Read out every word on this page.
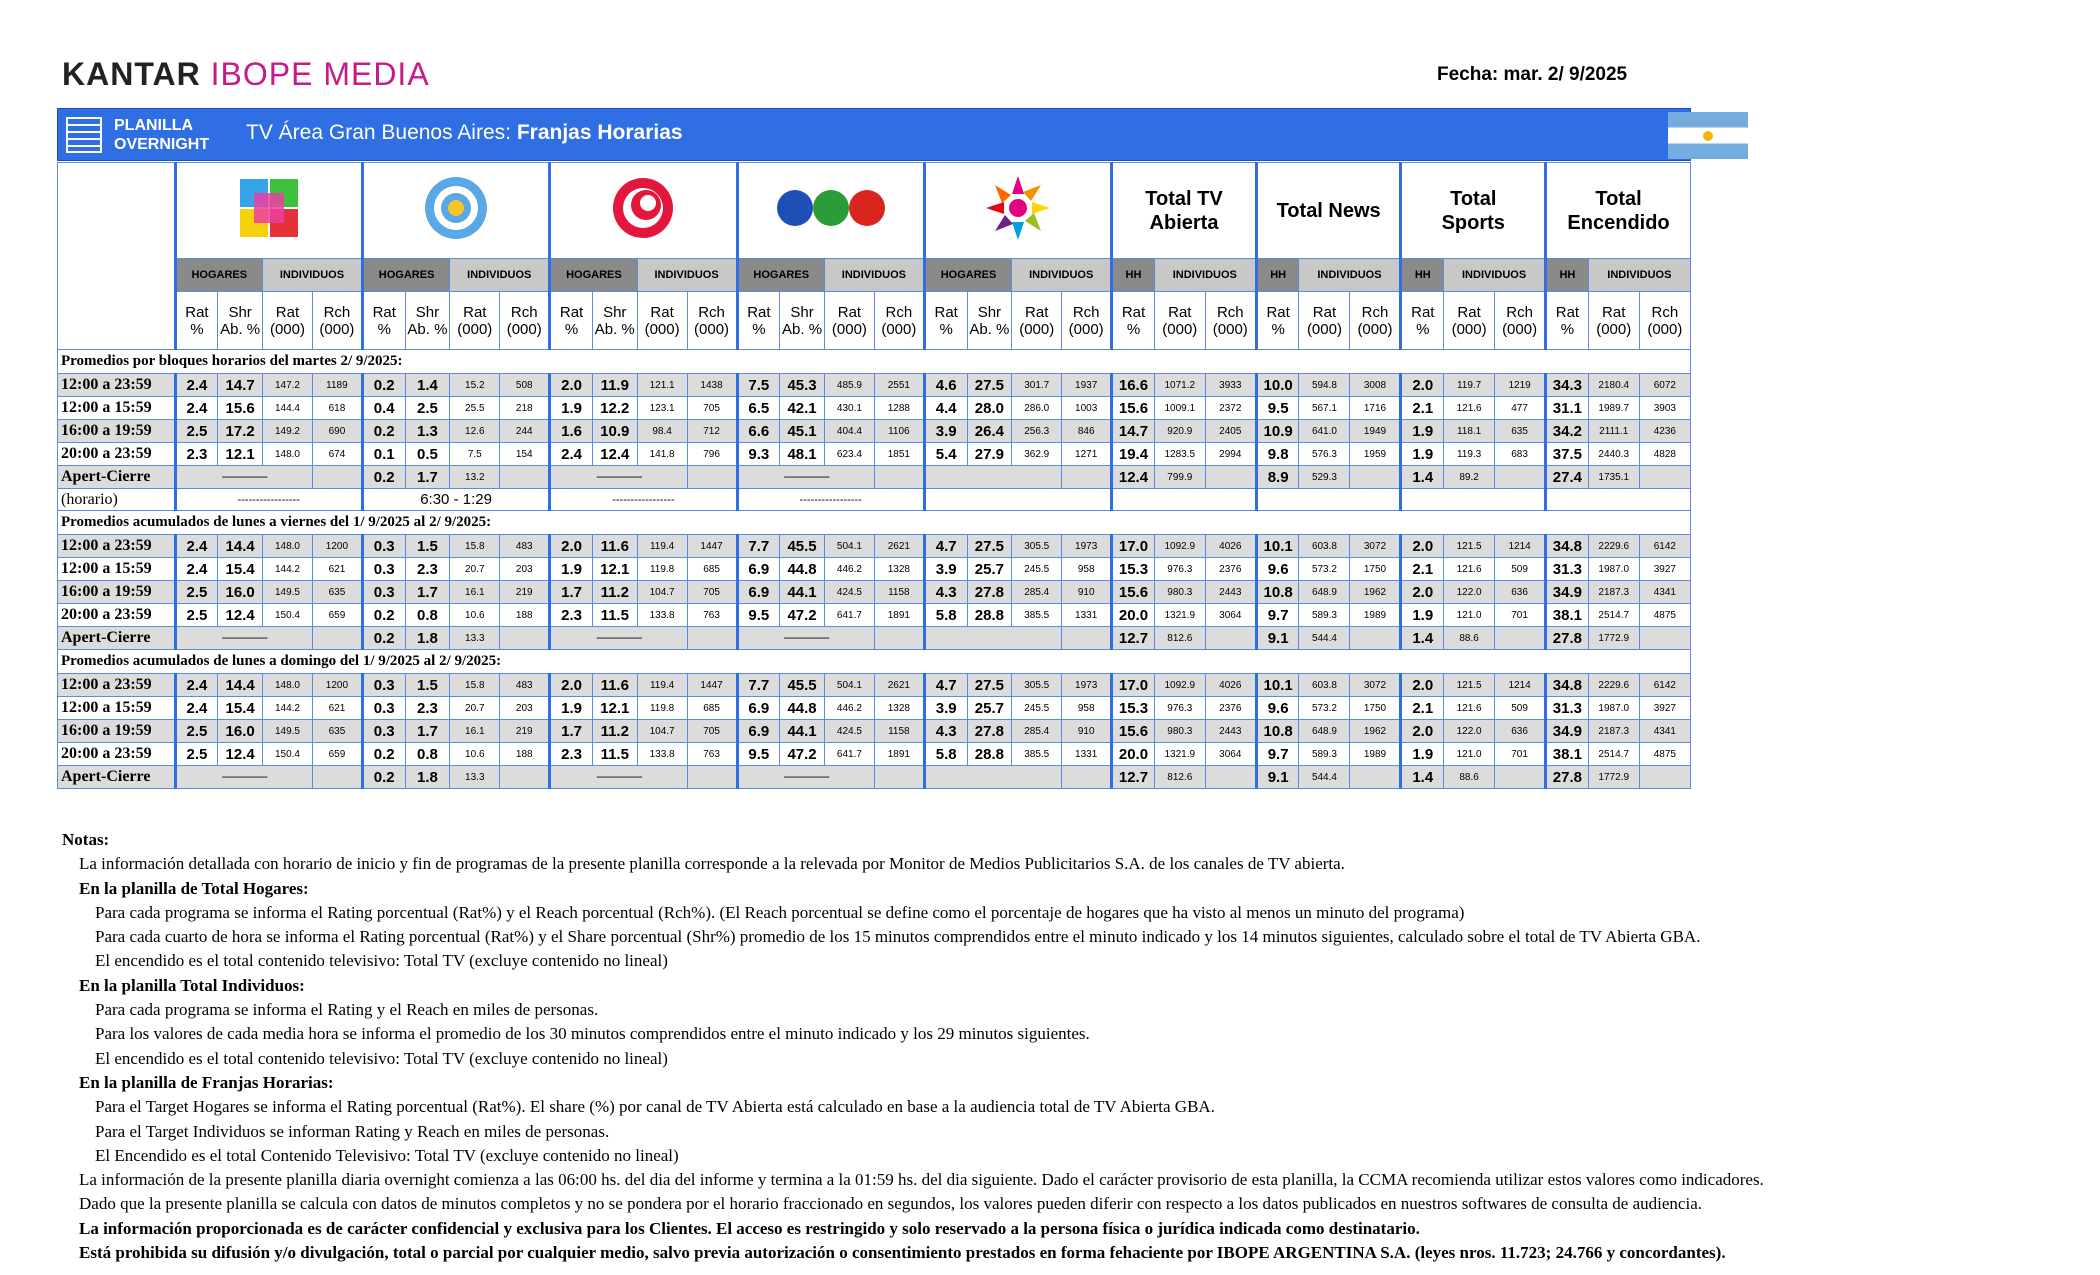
KANTAR IBOPE MEDIA	Fecha: mar. 2/ 9/2025
PLANILLA
OVERNIGHT
TV Área Gran Buenos Aires: Franjas Horarias
						Total TV Abierta			Total News			Total Sports			Total Encendido		
	HOGARES		INDIVIDUOS		HOGARES		INDIVIDUOS		HOGARES		INDIVIDUOS		HOGARES		INDIVIDUOS		HOGARES		INDIVIDUOS		HH	INDIVIDUOS		HH	INDIVIDUOS		HH	INDIVIDUOS		HH	INDIVIDUOS	
	Rat %	Shr Ab. %	Rat (000)	Rch (000)	Rat %	Shr Ab. %	Rat (000)	Rch (000)	Rat %	Shr Ab. %	Rat (000)	Rch (000)	Rat %	Shr Ab. %	Rat (000)	Rch (000)	Rat %	Shr Ab. %	Rat (000)	Rch (000)	Rat %	Rat (000)	Rch (000)	Rat %	Rat (000)	Rch (000)	Rat %	Rat (000)	Rch (000)	Rat %	Rat (000)	Rch (000)
Promedios por bloques horarios del martes 2/ 9/2025:																																
12:00 a 23:59	2.4	14.7	147.2	1189	0.2	1.4	15.2	508	2.0	11.9	121.1	1438	7.5	45.3	485.9	2551	4.6	27.5	301.7	1937	16.6	1071.2	3933	10.0	594.8	3008	2.0	119.7	1219	34.3	2180.4	6072
12:00 a 15:59	2.4	15.6	144.4	618	0.4	2.5	25.5	218	1.9	12.2	123.1	705	6.5	42.1	430.1	1288	4.4	28.0	286.0	1003	15.6	1009.1	2372	9.5	567.1	1716	2.1	121.6	477	31.1	1989.7	3903
16:00 a 19:59	2.5	17.2	149.2	690	0.2	1.3	12.6	244	1.6	10.9	98.4	712	6.6	45.1	404.4	1106	3.9	26.4	256.3	846	14.7	920.9	2405	10.9	641.0	1949	1.9	118.1	635	34.2	2111.1	4236
20:00 a 23:59	2.3	12.1	148.0	674	0.1	0.5	7.5	154	2.4	12.4	141.8	796	9.3	48.1	623.4	1851	5.4	27.9	362.9	1271	19.4	1283.5	2994	9.8	576.3	1959	1.9	119.3	683	37.5	2440.3	4828
Apert-Cierre	-----------------				0.2	1.7	13.2		-----------------				-----------------								12.4	799.9		8.9	529.3		1.4	89.2		27.4	1735.1	
(horario)	-----------------				6:30 - 1:29				-----------------				-----------------																			
Promedios acumulados de lunes a viernes del 1/ 9/2025 al 2/ 9/2025:																																
12:00 a 23:59	2.4	14.4	148.0	1200	0.3	1.5	15.8	483	2.0	11.6	119.4	1447	7.7	45.5	504.1	2621	4.7	27.5	305.5	1973	17.0	1092.9	4026	10.1	603.8	3072	2.0	121.5	1214	34.8	2229.6	6142
12:00 a 15:59	2.4	15.4	144.2	621	0.3	2.3	20.7	203	1.9	12.1	119.8	685	6.9	44.8	446.2	1328	3.9	25.7	245.5	958	15.3	976.3	2376	9.6	573.2	1750	2.1	121.6	509	31.3	1987.0	3927
16:00 a 19:59	2.5	16.0	149.5	635	0.3	1.7	16.1	219	1.7	11.2	104.7	705	6.9	44.1	424.5	1158	4.3	27.8	285.4	910	15.6	980.3	2443	10.8	648.9	1962	2.0	122.0	636	34.9	2187.3	4341
20:00 a 23:59	2.5	12.4	150.4	659	0.2	0.8	10.6	188	2.3	11.5	133.8	763	9.5	47.2	641.7	1891	5.8	28.8	385.5	1331	20.0	1321.9	3064	9.7	589.3	1989	1.9	121.0	701	38.1	2514.7	4875
Apert-Cierre	-----------------				0.2	1.8	13.3		-----------------				-----------------								12.7	812.6		9.1	544.4		1.4	88.6		27.8	1772.9	
Promedios acumulados de lunes a domingo del 1/ 9/2025 al 2/ 9/2025:																																
12:00 a 23:59	2.4	14.4	148.0	1200	0.3	1.5	15.8	483	2.0	11.6	119.4	1447	7.7	45.5	504.1	2621	4.7	27.5	305.5	1973	17.0	1092.9	4026	10.1	603.8	3072	2.0	121.5	1214	34.8	2229.6	6142
12:00 a 15:59	2.4	15.4	144.2	621	0.3	2.3	20.7	203	1.9	12.1	119.8	685	6.9	44.8	446.2	1328	3.9	25.7	245.5	958	15.3	976.3	2376	9.6	573.2	1750	2.1	121.6	509	31.3	1987.0	3927
16:00 a 19:59	2.5	16.0	149.5	635	0.3	1.7	16.1	219	1.7	11.2	104.7	705	6.9	44.1	424.5	1158	4.3	27.8	285.4	910	15.6	980.3	2443	10.8	648.9	1962	2.0	122.0	636	34.9	2187.3	4341
20:00 a 23:59	2.5	12.4	150.4	659	0.2	0.8	10.6	188	2.3	11.5	133.8	763	9.5	47.2	641.7	1891	5.8	28.8	385.5	1331	20.0	1321.9	3064	9.7	589.3	1989	1.9	121.0	701	38.1	2514.7	4875
Apert-Cierre	-----------------				0.2	1.8	13.3		-----------------				-----------------								12.7	812.6		9.1	544.4		1.4	88.6		27.8	1772.9	
Notas:
La información detallada con horario de inicio y fin de programas de la presente planilla corresponde a la relevada por Monitor de Medios Publicitarios S.A. de los canales de TV abierta.
En la planilla de Total Hogares:
Para cada programa se informa el Rating porcentual (Rat%) y el Reach porcentual (Rch%). (El Reach porcentual se define como el porcentaje de hogares que ha visto al menos un minuto del programa)
Para cada cuarto de hora se informa el Rating porcentual (Rat%) y el Share porcentual (Shr%) promedio de los 15 minutos comprendidos entre el minuto indicado y los 14 minutos siguientes, calculado sobre el total de TV Abierta GBA.
El encendido es el total contenido televisivo: Total TV (excluye contenido no lineal)
En la planilla Total Individuos:
Para cada programa se informa el Rating y el Reach en miles de personas.
Para los valores de cada media hora se informa el promedio de los 30 minutos comprendidos entre el minuto indicado y los 29 minutos siguientes.
El encendido es el total contenido televisivo: Total TV (excluye contenido no lineal)
En la planilla de Franjas Horarias:
Para el Target Hogares se informa el Rating porcentual (Rat%). El share (%) por canal de TV Abierta está calculado en base a la audiencia total de TV Abierta GBA.
Para el Target Individuos se informan Rating y Reach en miles de personas.
El Encendido es el total Contenido Televisivo: Total TV (excluye contenido no lineal)
La información de la presente planilla diaria overnight comienza a las 06:00 hs. del dia del informe y termina a la 01:59 hs. del dia siguiente. Dado el carácter provisorio de esta planilla, la CCMA recomienda utilizar estos valores como indicadores.
Dado que la presente planilla se calcula con datos de minutos completos y no se pondera por el horario fraccionado en segundos, los valores pueden diferir con respecto a los datos publicados en nuestros softwares de consulta de audiencia.
La información proporcionada es de carácter confidencial y exclusiva para los Clientes. El acceso es restringido y solo reservado a la persona física o jurídica indicada como destinatario.
Está prohibida su difusión y/o divulgación, total o parcial por cualquier medio, salvo previa autorización o consentimiento prestados en forma fehaciente por IBOPE ARGENTINA S.A. (leyes nros. 11.723; 24.766 y concordantes).
